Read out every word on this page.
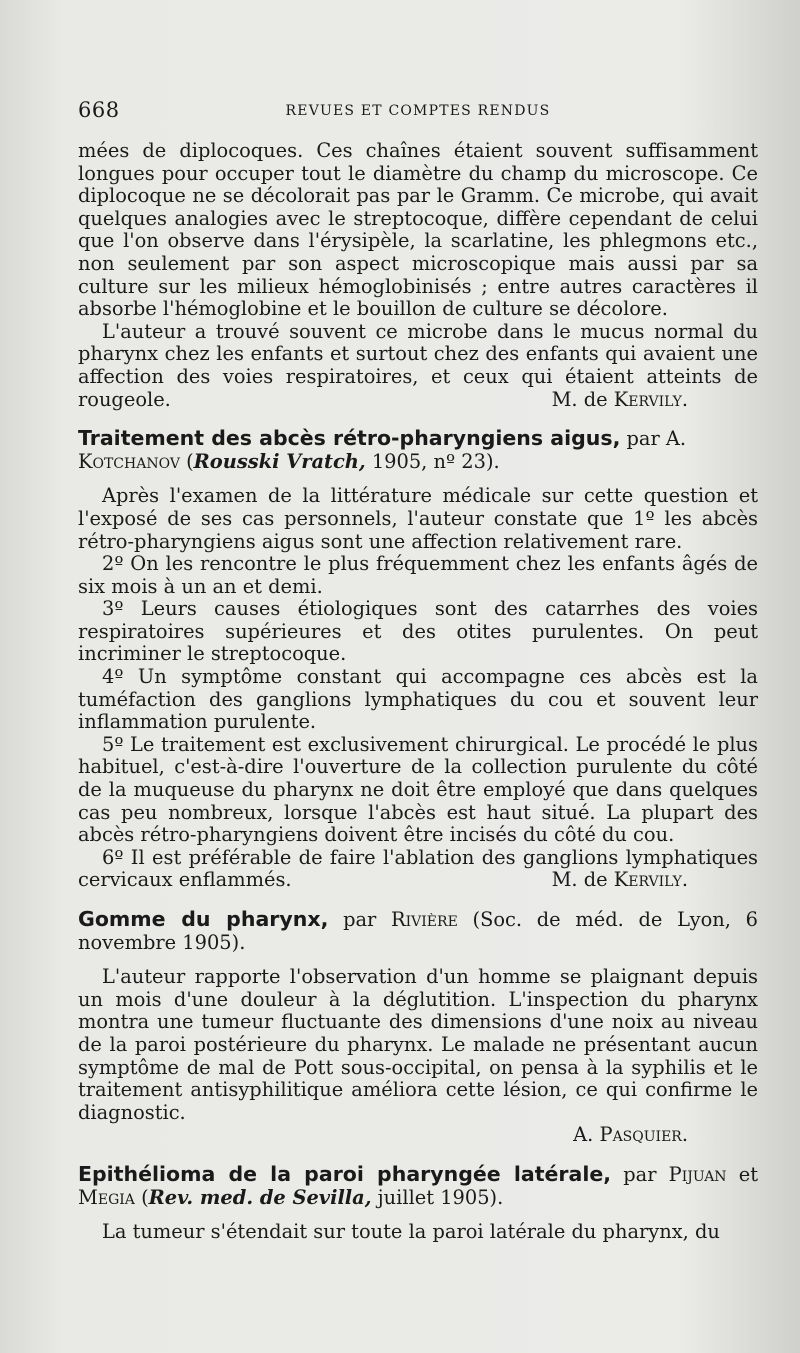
668	REVUES ET COMPTES RENDUS

mées de diplocoques. Ces chaînes étaient souvent suffisamment longues pour occuper tout le diamètre du champ du microscope. Ce diplocoque ne se décolorait pas par le Gramm. Ce microbe, qui avait quelques analogies avec le streptocoque, diffère cependant de celui que l'on observe dans l'érysipèle, la scarlatine, les phlegmons etc., non seulement par son aspect microscopique mais aussi par sa culture sur les milieux hémoglobinisés ; entre autres caractères il absorbe l'hémoglobine et le bouillon de culture se décolore.

L'auteur a trouvé souvent ce microbe dans le mucus normal du pharynx chez les enfants et surtout chez des enfants qui avaient une affection des voies respiratoires, et ceux qui étaient atteints de rougeole.	M. de Kervily.

Traitement des abcès rétro-pharyngiens aigus, par A.
Kotchanov (Rousski Vratch, 1905, nº 23).

Après l'examen de la littérature médicale sur cette question et l'exposé de ses cas personnels, l'auteur constate que 1º les abcès rétro-pharyngiens aigus sont une affection relativement rare.

2º On les rencontre le plus fréquemment chez les enfants âgés de six mois à un an et demi.

3º Leurs causes étiologiques sont des catarrhes des voies respiratoires supérieures et des otites purulentes. On peut incriminer le streptocoque.

4º Un symptôme constant qui accompagne ces abcès est la tuméfaction des ganglions lymphatiques du cou et souvent leur inflammation purulente.

5º Le traitement est exclusivement chirurgical. Le procédé le plus habituel, c'est-à-dire l'ouverture de la collection purulente du côté de la muqueuse du pharynx ne doit être employé que dans quelques cas peu nombreux, lorsque l'abcès est haut situé. La plupart des abcès rétro-pharyngiens doivent être incisés du côté du cou.

6º Il est préférable de faire l'ablation des ganglions lymphatiques cervicaux enflammés.	M. de Kervily.

Gomme du pharynx, par Rivière (Soc. de méd. de Lyon, 6 novembre 1905).

L'auteur rapporte l'observation d'un homme se plaignant depuis un mois d'une douleur à la déglutition. L'inspection du pharynx montra une tumeur fluctuante des dimensions d'une noix au niveau de la paroi postérieure du pharynx. Le malade ne présentant aucun symptôme de mal de Pott sous-occipital, on pensa à la syphilis et le traitement antisyphilitique améliora cette lésion, ce qui confirme le diagnostic.

A. Pasquier.

Epithélioma de la paroi pharyngée latérale, par Pijuan et Megia (Rev. med. de Sevilla, juillet 1905).

La tumeur s'étendait sur toute la paroi latérale du pharynx, du
